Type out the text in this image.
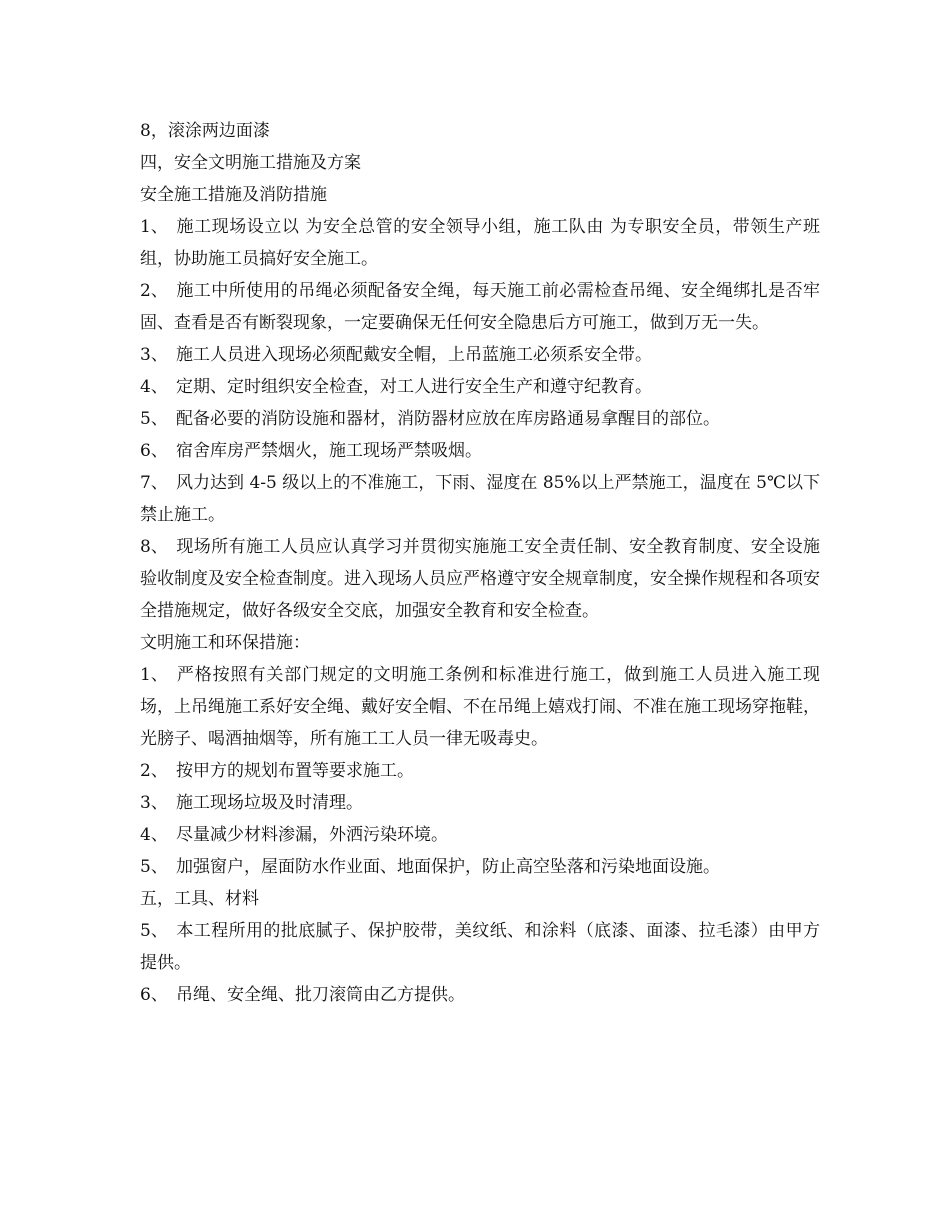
8，滚涂两边面漆

四，安全文明施工措施及方案

安全施工措施及消防措施

1、 施工现场设立以 为安全总管的安全领导小组，施工队由 为专职安全员，带领生产班组，协助施工员搞好安全施工。

2、 施工中所使用的吊绳必须配备安全绳，每天施工前必需检查吊绳、安全绳绑扎是否牢固、查看是否有断裂现象，一定要确保无任何安全隐患后方可施工，做到万无一失。

3、 施工人员进入现场必须配戴安全帽，上吊蓝施工必须系安全带。

4、 定期、定时组织安全检查，对工人进行安全生产和遵守纪教育。

5、 配备必要的消防设施和器材，消防器材应放在库房路通易拿醒目的部位。

6、 宿舍库房严禁烟火，施工现场严禁吸烟。

7、 风力达到 4-5 级以上的不准施工，下雨、湿度在 85%以上严禁施工，温度在 5℃以下禁止施工。

8、 现场所有施工人员应认真学习并贯彻实施施工安全责任制、安全教育制度、安全设施验收制度及安全检查制度。进入现场人员应严格遵守安全规章制度，安全操作规程和各项安全措施规定，做好各级安全交底，加强安全教育和安全检查。

文明施工和环保措施：

1、 严格按照有关部门规定的文明施工条例和标准进行施工，做到施工人员进入施工现场，上吊绳施工系好安全绳、戴好安全帽、不在吊绳上嬉戏打闹、不准在施工现场穿拖鞋，光膀子、喝酒抽烟等，所有施工工人员一律无吸毒史。

2、 按甲方的规划布置等要求施工。

3、 施工现场垃圾及时清理。

4、 尽量减少材料渗漏，外洒污染环境。

5、 加强窗户，屋面防水作业面、地面保护，防止高空坠落和污染地面设施。

五，工具、材料

5、 本工程所用的批底腻子、保护胶带，美纹纸、和涂料（底漆、面漆、拉毛漆）由甲方提供。

6、 吊绳、安全绳、批刀滚筒由乙方提供。
